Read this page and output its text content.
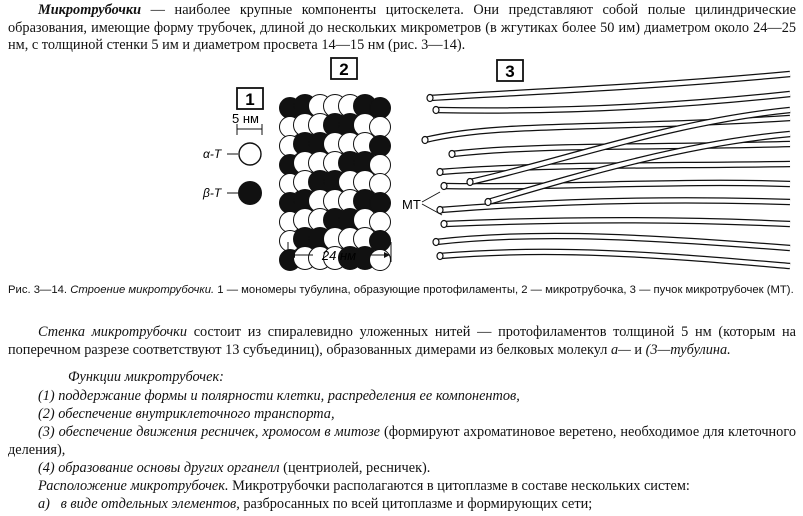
Микротрубочки — наиболее крупные компоненты цитоскелета. Они представляют собой полые цилиндрические образования, имеющие форму трубочек, длиной до нескольких микрометров (в жгутиках более 50 им) диаметром около 24—25 нм, с толщиной стенки 5 им и диаметром просвета 14—15 нм (рис. 3—14).

1
5 нм
α-T
β-T
2
24 нм
3
МТ
Рис. 3—14. Строение микротрубочки. 1 — мономеры тубулина, образующие протофиламенты, 2 — микротрубочка, 3 — пучок микротрубочек (МТ).

Стенка микротрубочки состоит из спиралевидно уложенных нитей — протофиламентов толщиной 5 нм (которым на поперечном разрезе соответствуют 13 субъединиц), образованных димерами из белковых молекул а— и (3—тубулина.

Функции микротрубочек:

(1) поддержание формы и полярности клетки, распределения ее компонентов,

(2) обеспечение внутриклеточного транспорта,

(3) обеспечение движения ресничек, хромосом в митозе (формируют ахроматиновое веретено, необходимое для клеточного деления),

(4) образование основы других органелл (центриолей, ресничек).

Расположение микротрубочек. Микротрубочки располагаются в цитоплазме в составе нескольких систем:

а) в виде отдельных элементов, разбросанных по всей цитоплазме и формирующих сети;
